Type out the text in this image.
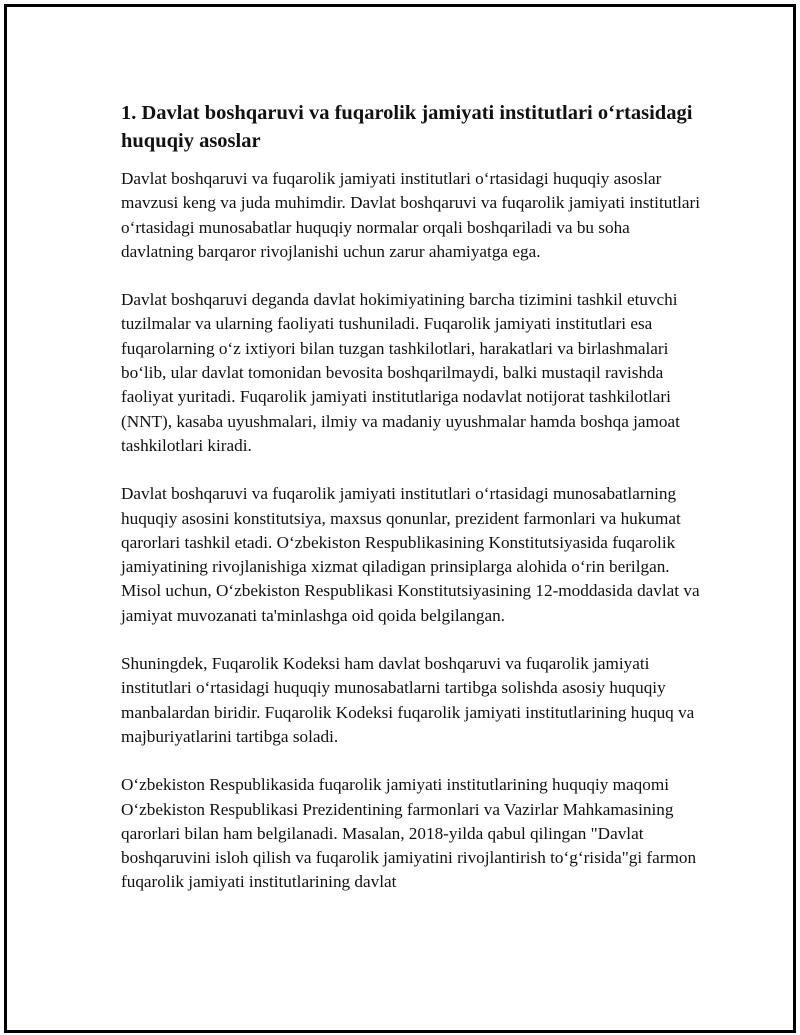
1. Davlat boshqaruvi va fuqarolik jamiyati institutlari o‘rtasidagi huquqiy asoslar

Davlat boshqaruvi va fuqarolik jamiyati institutlari o‘rtasidagi huquqiy asoslar mavzusi keng va juda muhimdir. Davlat boshqaruvi va fuqarolik jamiyati institutlari o‘rtasidagi munosabatlar huquqiy normalar orqali boshqariladi va bu soha davlatning barqaror rivojlanishi uchun zarur ahamiyatga ega.

Davlat boshqaruvi deganda davlat hokimiyatining barcha tizimini tashkil etuvchi tuzilmalar va ularning faoliyati tushuniladi. Fuqarolik jamiyati institutlari esa fuqarolarning o‘z ixtiyori bilan tuzgan tashkilotlari, harakatlari va birlashmalari bo‘lib, ular davlat tomonidan bevosita boshqarilmaydi, balki mustaqil ravishda faoliyat yuritadi. Fuqarolik jamiyati institutlariga nodavlat notijorat tashkilotlari (NNT), kasaba uyushmalari, ilmiy va madaniy uyushmalar hamda boshqa jamoat tashkilotlari kiradi.

Davlat boshqaruvi va fuqarolik jamiyati institutlari o‘rtasidagi munosabatlarning huquqiy asosini konstitutsiya, maxsus qonunlar, prezident farmonlari va hukumat qarorlari tashkil etadi. O‘zbekiston Respublikasining Konstitutsiyasida fuqarolik jamiyatining rivojlanishiga xizmat qiladigan prinsiplarga alohida o‘rin berilgan. Misol uchun, O‘zbekiston Respublikasi Konstitutsiyasining 12-moddasida davlat va jamiyat muvozanati ta'minlashga oid qoida belgilangan.

Shuningdek, Fuqarolik Kodeksi ham davlat boshqaruvi va fuqarolik jamiyati institutlari o‘rtasidagi huquqiy munosabatlarni tartibga solishda asosiy huquqiy manbalardan biridir. Fuqarolik Kodeksi fuqarolik jamiyati institutlarining huquq va majburiyatlarini tartibga soladi.

O‘zbekiston Respublikasida fuqarolik jamiyati institutlarining huquqiy maqomi O‘zbekiston Respublikasi Prezidentining farmonlari va Vazirlar Mahkamasining qarorlari bilan ham belgilanadi. Masalan, 2018-yilda qabul qilingan "Davlat boshqaruvini isloh qilish va fuqarolik jamiyatini rivojlantirish to‘g‘risida"gi farmon fuqarolik jamiyati institutlarining davlat
